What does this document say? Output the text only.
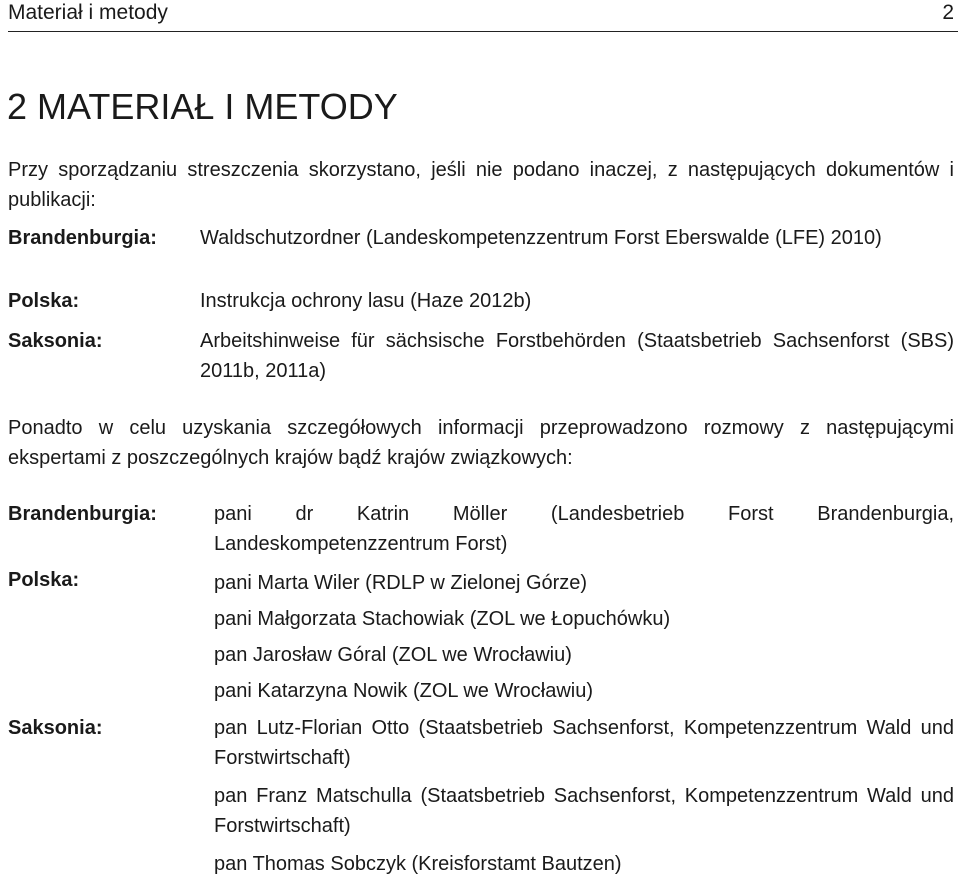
Materiał i metody	2
2 MATERIAŁ I METODY
Przy sporządzaniu streszczenia skorzystano, jeśli nie podano inaczej, z następujących dokumentów i publikacji:
Brandenburgia: Waldschutzordner (Landeskompetenzzentrum Forst Eberswalde (LFE) 2010)
Polska:	Instrukcja ochrony lasu (Haze 2012b)
Saksonia:	Arbeitshinweise für sächsische Forstbehörden (Staatsbetrieb Sachsenforst (SBS) 2011b, 2011a)
Ponadto w celu uzyskania szczegółowych informacji przeprowadzono rozmowy z następującymi ekspertami z poszczególnych krajów bądź krajów związkowych:
Brandenburgia:	pani dr Katrin Möller (Landesbetrieb Forst Brandenburgia, Landeskompetenzzentrum Forst)
Polska:	pani Marta Wiler (RDLP w Zielonej Górze)
pani Małgorzata Stachowiak (ZOL we Łopuchówku)
pan Jarosław Góral (ZOL we Wrocławiu)
pani Katarzyna Nowik (ZOL we Wrocławiu)
Saksonia:	pan Lutz-Florian Otto (Staatsbetrieb Sachsenforst, Kompetenzzentrum Wald und Forstwirtschaft)
pan Franz Matschulla (Staatsbetrieb Sachsenforst, Kompetenzzentrum Wald und Forstwirtschaft)
pan Thomas Sobczyk (Kreisforstamt Bautzen)
